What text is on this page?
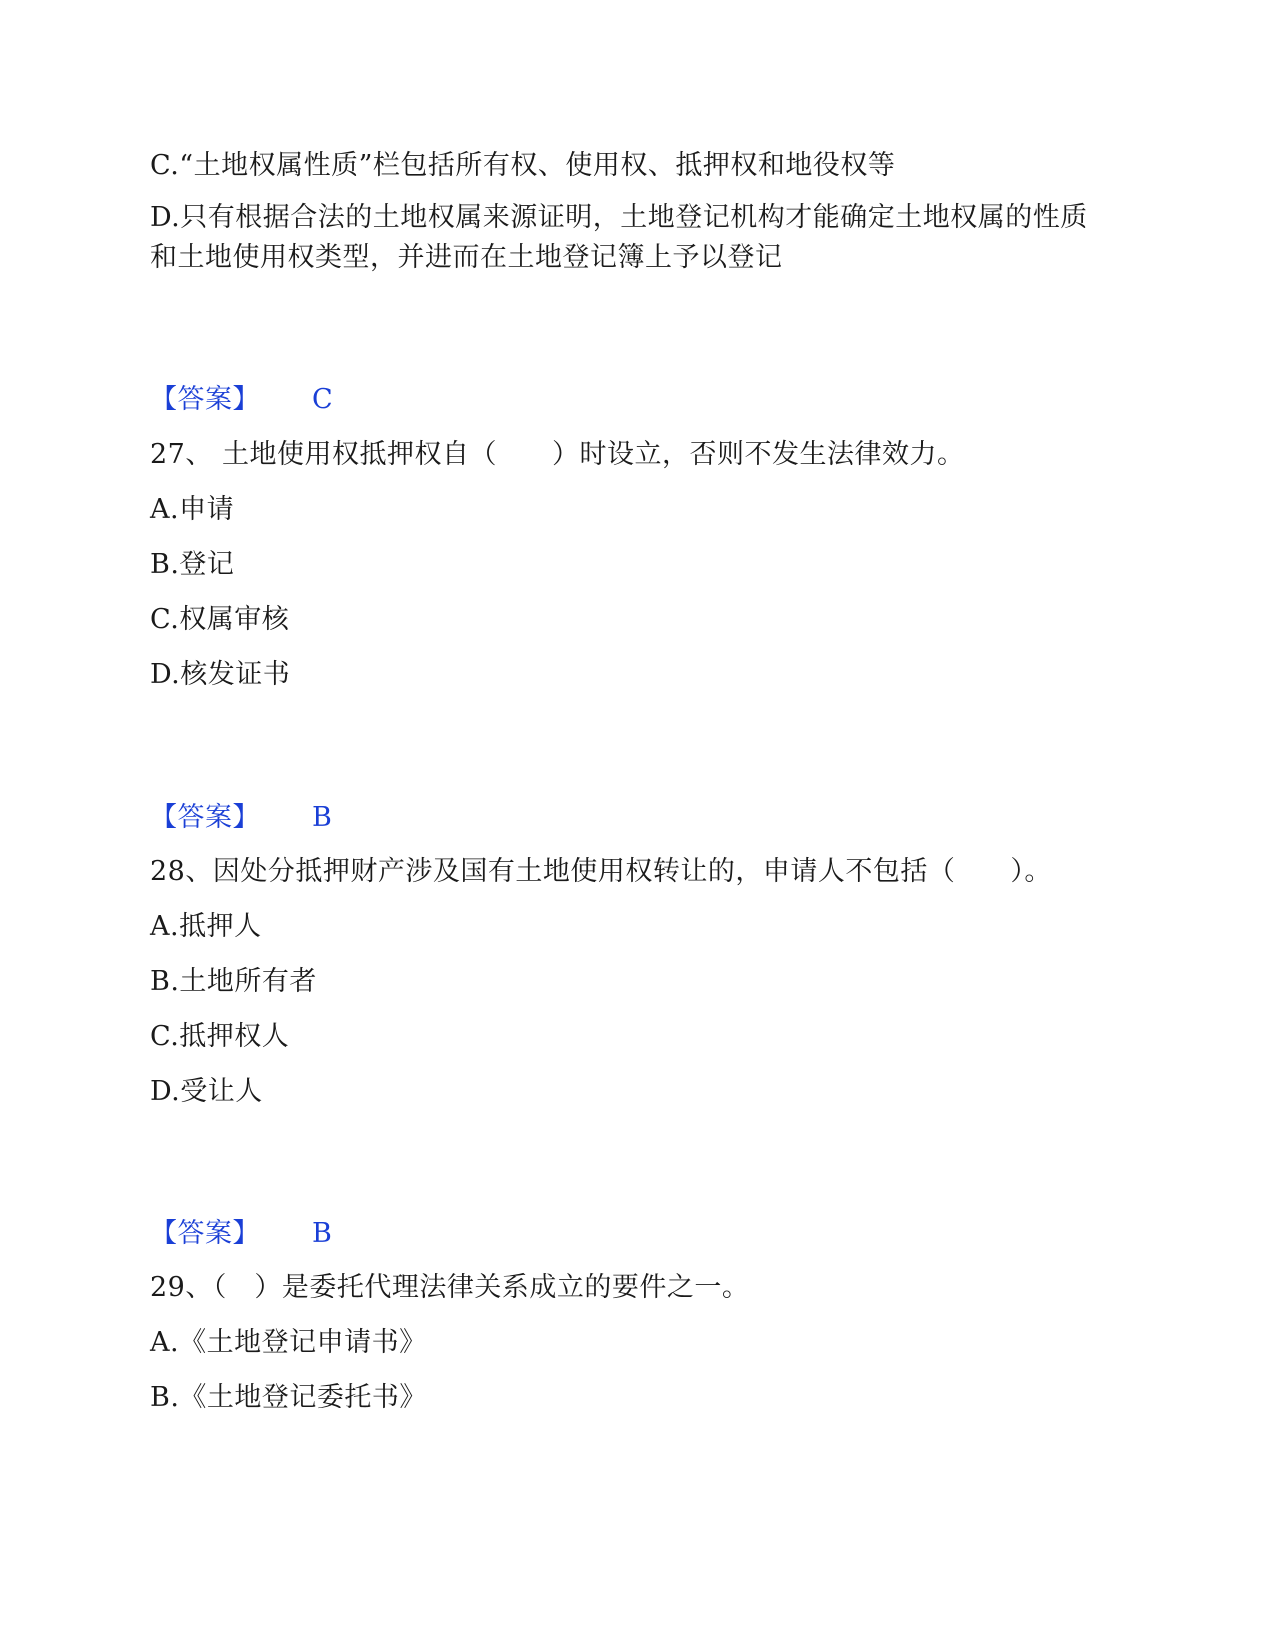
C.“土地权属性质”栏包括所有权、使用权、抵押权和地役权等
D.只有根据合法的土地权属来源证明，土地登记机构才能确定土地权属的性质和土地使用权类型，并进而在土地登记簿上予以登记
【答案】 C
27、 土地使用权抵押权自（　　）时设立，否则不发生法律效力。
A.申请
B.登记
C.权属审核
D.核发证书
【答案】 B
28、因处分抵押财产涉及国有土地使用权转让的，申请人不包括（　　）。
A.抵押人
B.土地所有者
C.抵押权人
D.受让人
【答案】 B
29、（　）是委托代理法律关系成立的要件之一。
A.《土地登记申请书》
B.《土地登记委托书》
